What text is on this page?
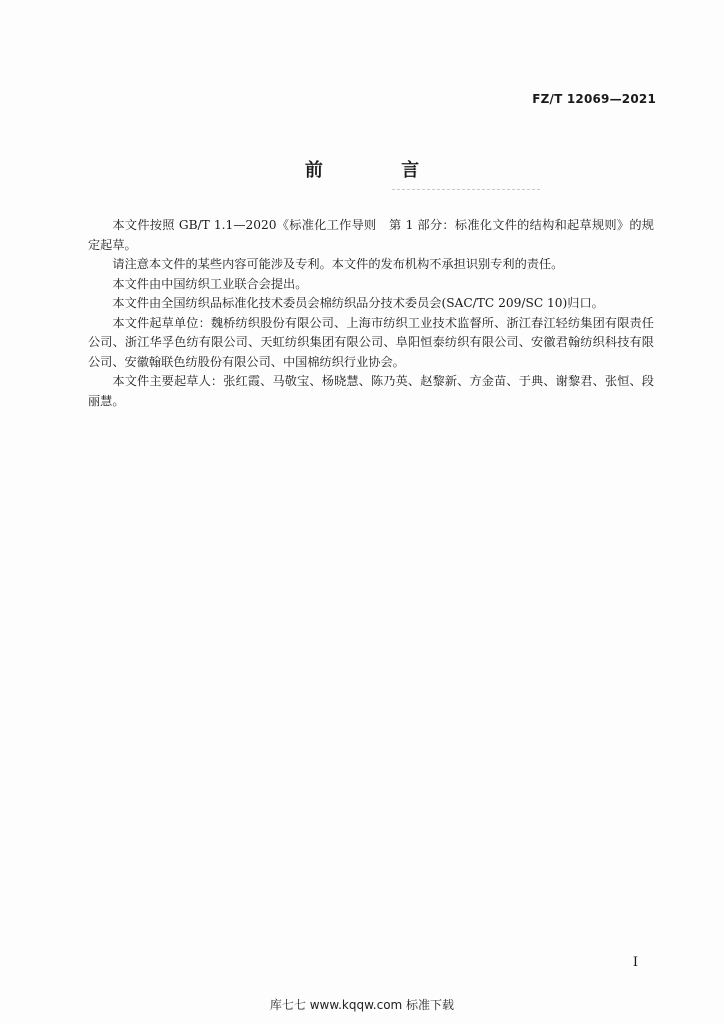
FZ/T 12069—2021
前 言

本文件按照 GB/T 1.1—2020《标准化工作导则　第 1 部分：标准化文件的结构和起草规则》的规定起草。

请注意本文件的某些内容可能涉及专利。本文件的发布机构不承担识别专利的责任。

本文件由中国纺织工业联合会提出。

本文件由全国纺织品标准化技术委员会棉纺织品分技术委员会(SAC/TC 209/SC 10)归口。

本文件起草单位：魏桥纺织股份有限公司、上海市纺织工业技术监督所、浙江春江轻纺集团有限责任公司、浙江华孚色纺有限公司、天虹纺织集团有限公司、阜阳恒泰纺织有限公司、安徽君翰纺织科技有限公司、安徽翰联色纺股份有限公司、中国棉纺织行业协会。

本文件主要起草人：张红霞、马敬宝、杨晓慧、陈乃英、赵黎新、方金苗、于典、谢黎君、张恒、段丽慧。

I
库七七 www.kqqw.com 标准下载
